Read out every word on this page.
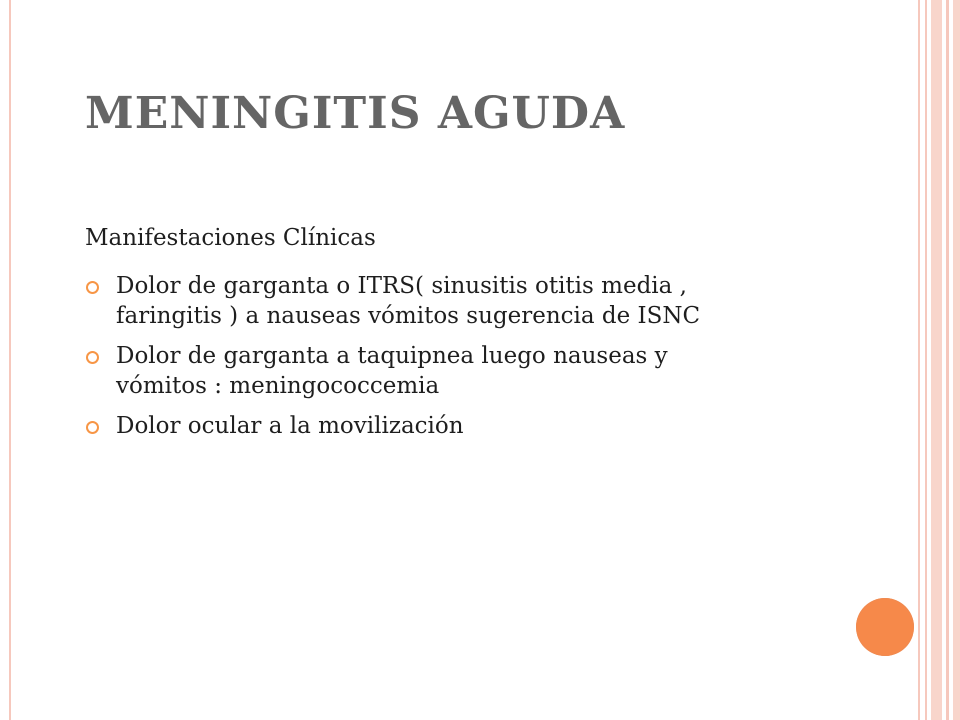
MENINGITIS AGUDA
Manifestaciones Clínicas
Dolor de garganta o ITRS( sinusitis otitis media ,
faringitis ) a nauseas vómitos sugerencia de ISNC
Dolor de garganta a taquipnea luego nauseas y
vómitos : meningococcemia
Dolor ocular a la movilización
